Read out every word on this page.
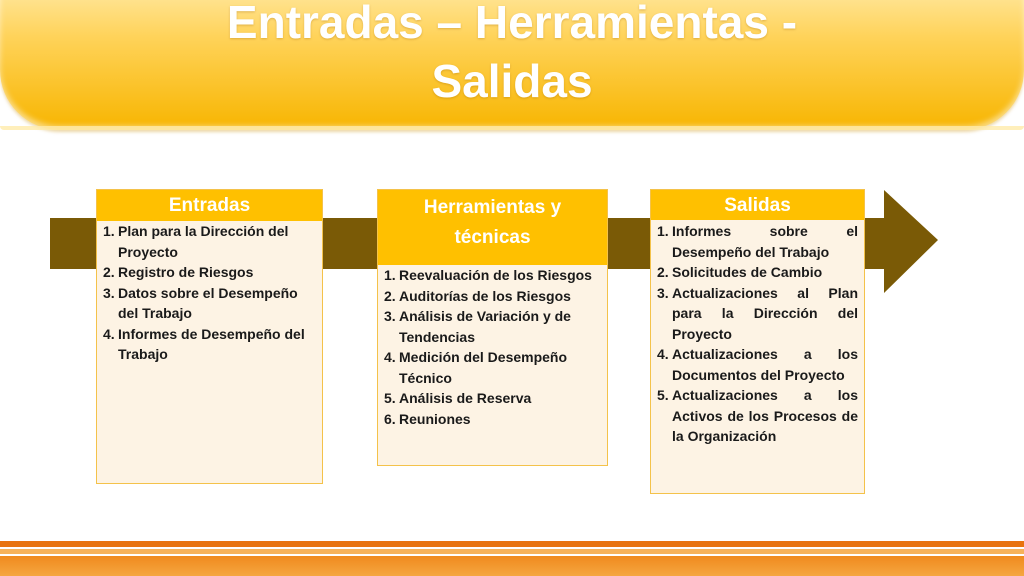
Entradas – Herramientas -
Salidas
Entradas
1. Plan para la Dirección del Proyecto
2. Registro de Riesgos
3. Datos sobre el Desempeño del Trabajo
4. Informes de Desempeño del Trabajo
Herramientas y técnicas
1. Reevaluación de los Riesgos
2. Auditorías de los Riesgos
3. Análisis de Variación y de Tendencias
4. Medición del Desempeño Técnico
5. Análisis de Reserva
6. Reuniones
Salidas
1. Informes sobre el Desempeño del Trabajo
2. Solicitudes de Cambio
3. Actualizaciones al Plan para la Dirección del Proyecto
4. Actualizaciones a los Documentos del Proyecto
5. Actualizaciones a los Activos de los Procesos de la Organización
